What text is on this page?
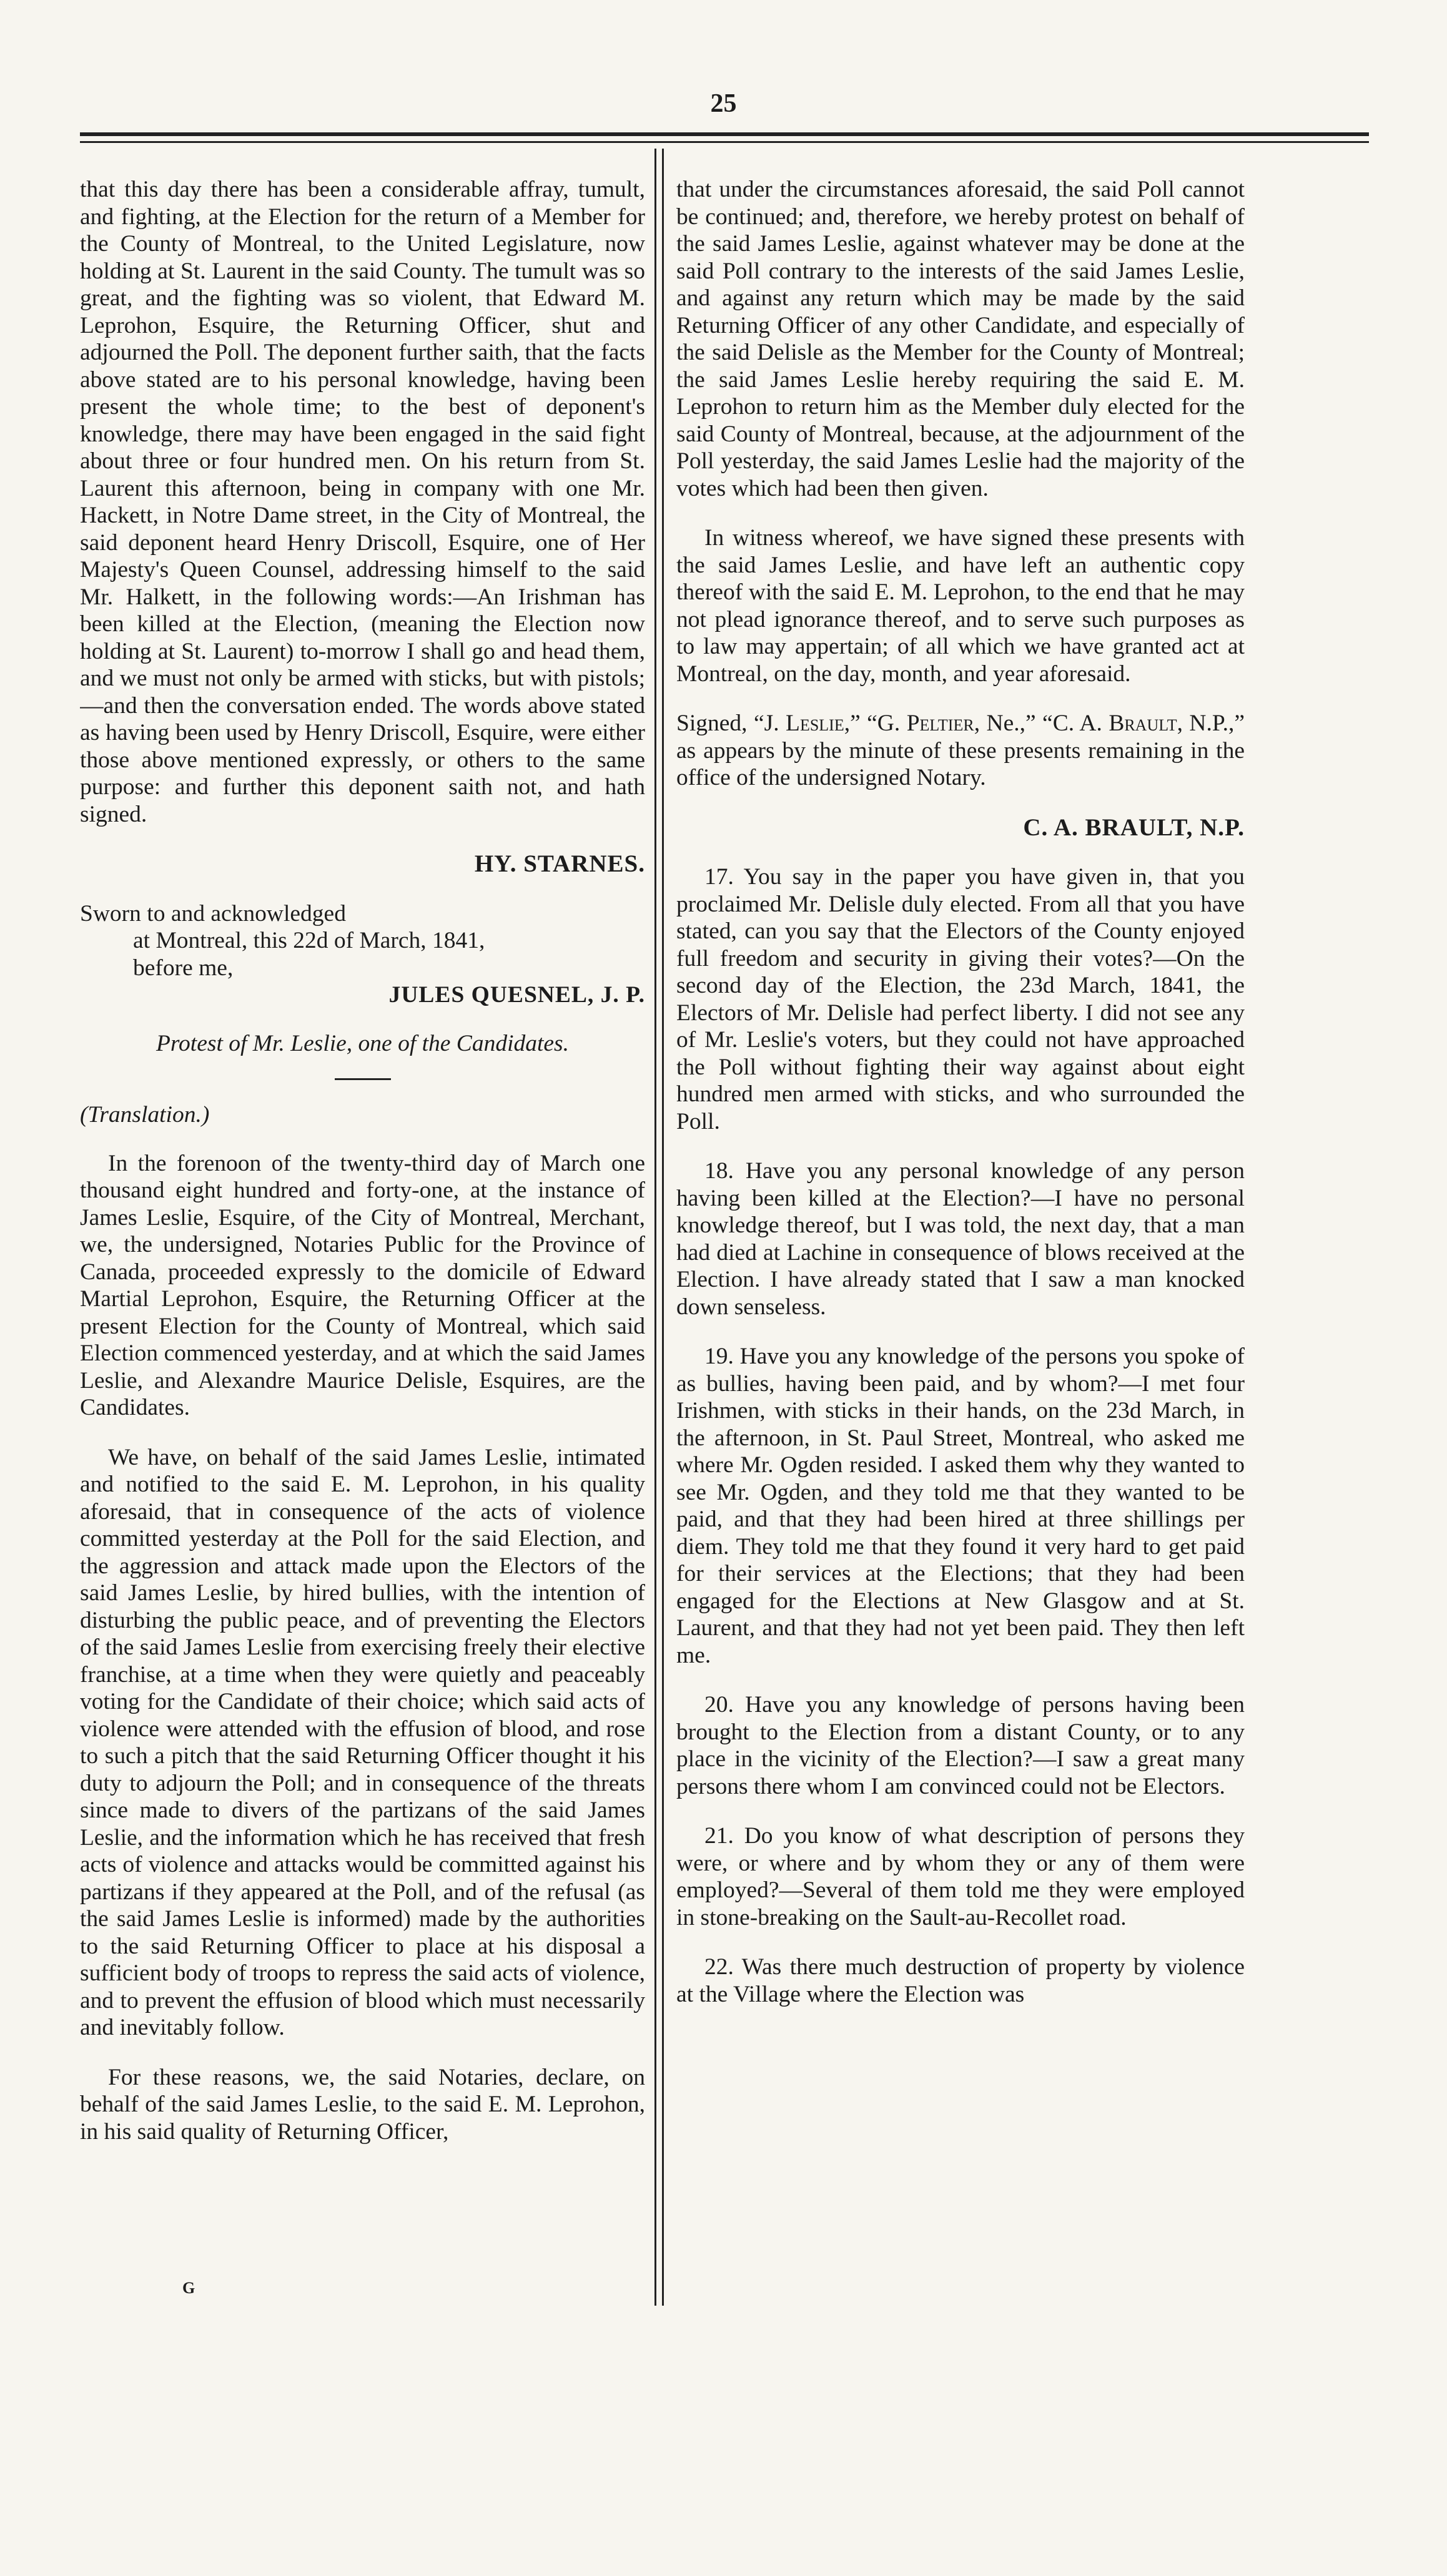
25

that this day there has been a considerable affray, tumult, and fighting, at the Election for the return of a Member for the County of Montreal, to the United Legislature, now holding at St. Laurent in the said County. The tumult was so great, and the fighting was so violent, that Edward M. Leprohon, Esquire, the Returning Officer, shut and adjourned the Poll. The deponent further saith, that the facts above stated are to his personal knowledge, having been present the whole time; to the best of deponent's knowledge, there may have been engaged in the said fight about three or four hundred men. On his return from St. Laurent this afternoon, being in company with one Mr. Hackett, in Notre Dame street, in the City of Montreal, the said deponent heard Henry Driscoll, Esquire, one of Her Majesty's Queen Counsel, addressing himself to the said Mr. Halkett, in the following words:—An Irishman has been killed at the Election, (meaning the Election now holding at St. Laurent) to-morrow I shall go and head them, and we must not only be armed with sticks, but with pistols;—and then the conversation ended. The words above stated as having been used by Henry Driscoll, Esquire, were either those above mentioned expressly, or others to the same purpose: and further this deponent saith not, and hath signed.

HY. STARNES.
Sworn to and acknowledged
at Montreal, this 22d of March, 1841,
before me,
JULES QUESNEL, J. P.
Protest of Mr. Leslie, one of the Candidates.
(Translation.)

In the forenoon of the twenty-third day of March one thousand eight hundred and forty-one, at the instance of James Leslie, Esquire, of the City of Montreal, Merchant, we, the undersigned, Notaries Public for the Province of Canada, proceeded expressly to the domicile of Edward Martial Leprohon, Esquire, the Returning Officer at the present Election for the County of Montreal, which said Election commenced yesterday, and at which the said James Leslie, and Alexandre Maurice Delisle, Esquires, are the Candidates.

We have, on behalf of the said James Leslie, intimated and notified to the said E. M. Leprohon, in his quality aforesaid, that in consequence of the acts of violence committed yesterday at the Poll for the said Election, and the aggression and attack made upon the Electors of the said James Leslie, by hired bullies, with the intention of disturbing the public peace, and of preventing the Electors of the said James Leslie from exercising freely their elective franchise, at a time when they were quietly and peaceably voting for the Candidate of their choice; which said acts of violence were attended with the effusion of blood, and rose to such a pitch that the said Returning Officer thought it his duty to adjourn the Poll; and in consequence of the threats since made to divers of the partizans of the said James Leslie, and the information which he has received that fresh acts of violence and attacks would be committed against his partizans if they appeared at the Poll, and of the refusal (as the said James Leslie is informed) made by the authorities to the said Returning Officer to place at his disposal a sufficient body of troops to repress the said acts of violence, and to prevent the effusion of blood which must necessarily and inevitably follow.

For these reasons, we, the said Notaries, declare, on behalf of the said James Leslie, to the said E. M. Leprohon, in his said quality of Returning Officer,

that under the circumstances aforesaid, the said Poll cannot be continued; and, therefore, we hereby protest on behalf of the said James Leslie, against whatever may be done at the said Poll contrary to the interests of the said James Leslie, and against any return which may be made by the said Returning Officer of any other Candidate, and especially of the said Delisle as the Member for the County of Montreal; the said James Leslie hereby requiring the said E. M. Leprohon to return him as the Member duly elected for the said County of Montreal, because, at the adjournment of the Poll yesterday, the said James Leslie had the majority of the votes which had been then given.

In witness whereof, we have signed these presents with the said James Leslie, and have left an authentic copy thereof with the said E. M. Leprohon, to the end that he may not plead ignorance thereof, and to serve such purposes as to law may appertain; of all which we have granted act at Montreal, on the day, month, and year aforesaid.

Signed, “J. Leslie,” “G. Peltier, Ne.,” “C. A. Brault, N.P.,” as appears by the minute of these presents remaining in the office of the undersigned Notary.
C. A. BRAULT, N.P.

17. You say in the paper you have given in, that you proclaimed Mr. Delisle duly elected. From all that you have stated, can you say that the Electors of the County enjoyed full freedom and security in giving their votes?—On the second day of the Election, the 23d March, 1841, the Electors of Mr. Delisle had perfect liberty. I did not see any of Mr. Leslie's voters, but they could not have approached the Poll without fighting their way against about eight hundred men armed with sticks, and who surrounded the Poll.

18. Have you any personal knowledge of any person having been killed at the Election?—I have no personal knowledge thereof, but I was told, the next day, that a man had died at Lachine in consequence of blows received at the Election. I have already stated that I saw a man knocked down senseless.

19. Have you any knowledge of the persons you spoke of as bullies, having been paid, and by whom?—I met four Irishmen, with sticks in their hands, on the 23d March, in the afternoon, in St. Paul Street, Montreal, who asked me where Mr. Ogden resided. I asked them why they wanted to see Mr. Ogden, and they told me that they wanted to be paid, and that they had been hired at three shillings per diem. They told me that they found it very hard to get paid for their services at the Elections; that they had been engaged for the Elections at New Glasgow and at St. Laurent, and that they had not yet been paid. They then left me.

20. Have you any knowledge of persons having been brought to the Election from a distant County, or to any place in the vicinity of the Election?—I saw a great many persons there whom I am convinced could not be Electors.

21. Do you know of what description of persons they were, or where and by whom they or any of them were employed?—Several of them told me they were employed in stone-breaking on the Sault-au-Recollet road.

22. Was there much destruction of property by violence at the Village where the Election was

G
